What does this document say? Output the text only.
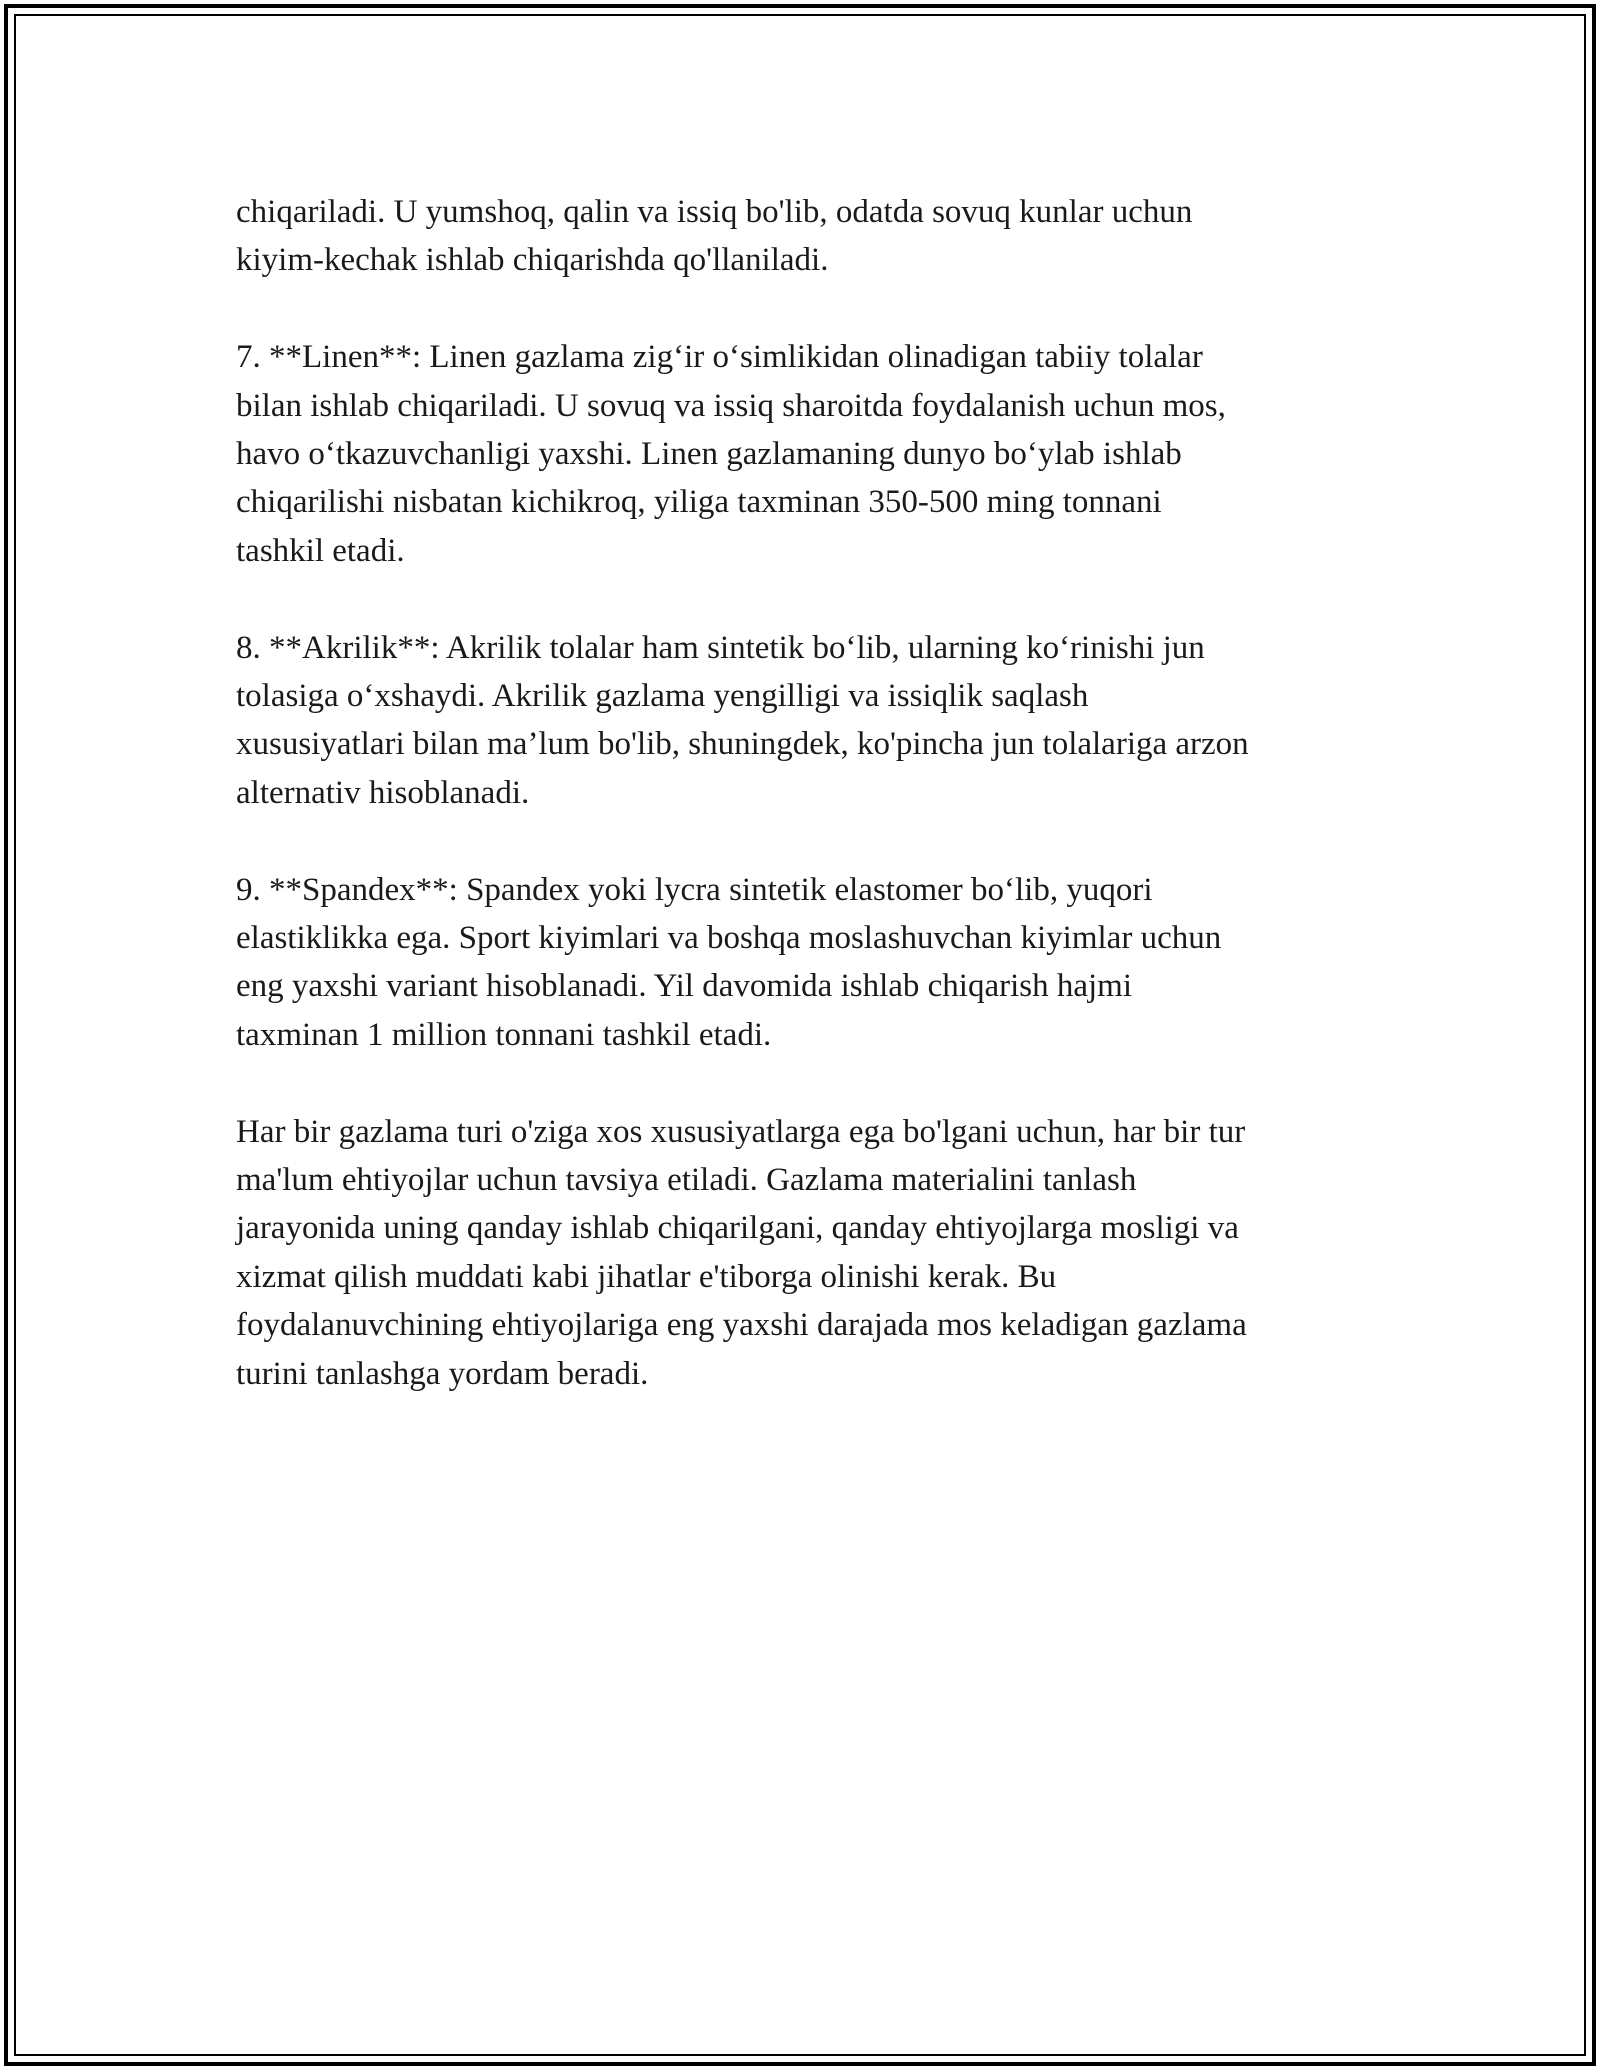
chiqariladi. U yumshoq, qalin va issiq bo'lib, odatda sovuq kunlar uchun
kiyim-kechak ishlab chiqarishda qo'llaniladi.

7. **Linen**: Linen gazlama zig‘ir o‘simlikidan olinadigan tabiiy tolalar
bilan ishlab chiqariladi. U sovuq va issiq sharoitda foydalanish uchun mos,
havo o‘tkazuvchanligi yaxshi. Linen gazlamaning dunyo bo‘ylab ishlab
chiqarilishi nisbatan kichikroq, yiliga taxminan 350-500 ming tonnani
tashkil etadi.

8. **Akrilik**: Akrilik tolalar ham sintetik bo‘lib, ularning ko‘rinishi jun
tolasiga o‘xshaydi. Akrilik gazlama yengilligi va issiqlik saqlash
xususiyatlari bilan ma’lum bo'lib, shuningdek, ko'pincha jun tolalariga arzon
alternativ hisoblanadi.

9. **Spandex**: Spandex yoki lycra sintetik elastomer bo‘lib, yuqori
elastiklikka ega. Sport kiyimlari va boshqa moslashuvchan kiyimlar uchun
eng yaxshi variant hisoblanadi. Yil davomida ishlab chiqarish hajmi
taxminan 1 million tonnani tashkil etadi.

Har bir gazlama turi o'ziga xos xususiyatlarga ega bo'lgani uchun, har bir tur
ma'lum ehtiyojlar uchun tavsiya etiladi. Gazlama materialini tanlash
jarayonida uning qanday ishlab chiqarilgani, qanday ehtiyojlarga mosligi va
xizmat qilish muddati kabi jihatlar e'tiborga olinishi kerak. Bu
foydalanuvchining ehtiyojlariga eng yaxshi darajada mos keladigan gazlama
turini tanlashga yordam beradi.
